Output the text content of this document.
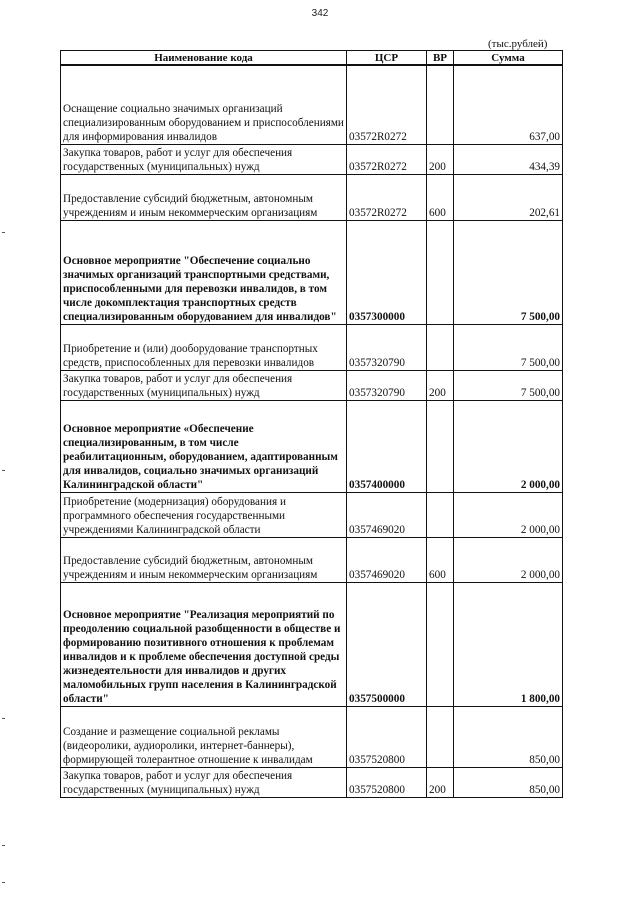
342
(тыс.рублей)
Наименование кода	ЦСР	ВР	Сумма

Оснащение социально значимых организаций специализированным оборудованием и приспособлениями для информирования инвалидов	03572R0272		637,00
Закупка товаров, работ и услуг для обеспечения государственных (муниципальных) нужд	03572R0272	200	434,39
Предоставление субсидий бюджетным, автономным учреждениям и иным некоммерческим организациям	03572R0272	600	202,61

Основное мероприятие "Обеспечение социально значимых организаций транспортными средствами, приспособленными для перевозки инвалидов, в том числе докомплектация транспортных средств специализированным оборудованием для инвалидов"	0357300000		7 500,00
Приобретение и (или) дооборудование транспортных средств, приспособленных для перевозки инвалидов	0357320790		7 500,00
Закупка товаров, работ и услуг для обеспечения государственных (муниципальных) нужд	0357320790	200	7 500,00
Основное мероприятие «Обеспечение специализированным, в том числе реабилитационным, оборудованием, адаптированным для инвалидов, социально значимых организаций Калининградской области"	0357400000		2 000,00
Приобретение (модернизация) оборудования и программного обеспечения государственными учреждениями Калининградской области	0357469020		2 000,00
Предоставление субсидий бюджетным, автономным учреждениям и иным некоммерческим организациям	0357469020	600	2 000,00
Основное мероприятие "Реализация мероприятий по преодолению социальной разобщенности в обществе и формированию позитивного отношения к проблемам инвалидов и к проблеме обеспечения доступной среды жизнедеятельности для инвалидов и других маломобильных групп населения в Калининградской области"	0357500000		1 800,00

Создание и размещение социальной рекламы (видеоролики, аудиоролики, интернет-баннеры), формирующей толерантное отношение к инвалидам	0357520800		850,00
Закупка товаров, работ и услуг для обеспечения государственных (муниципальных) нужд	0357520800	200	850,00
